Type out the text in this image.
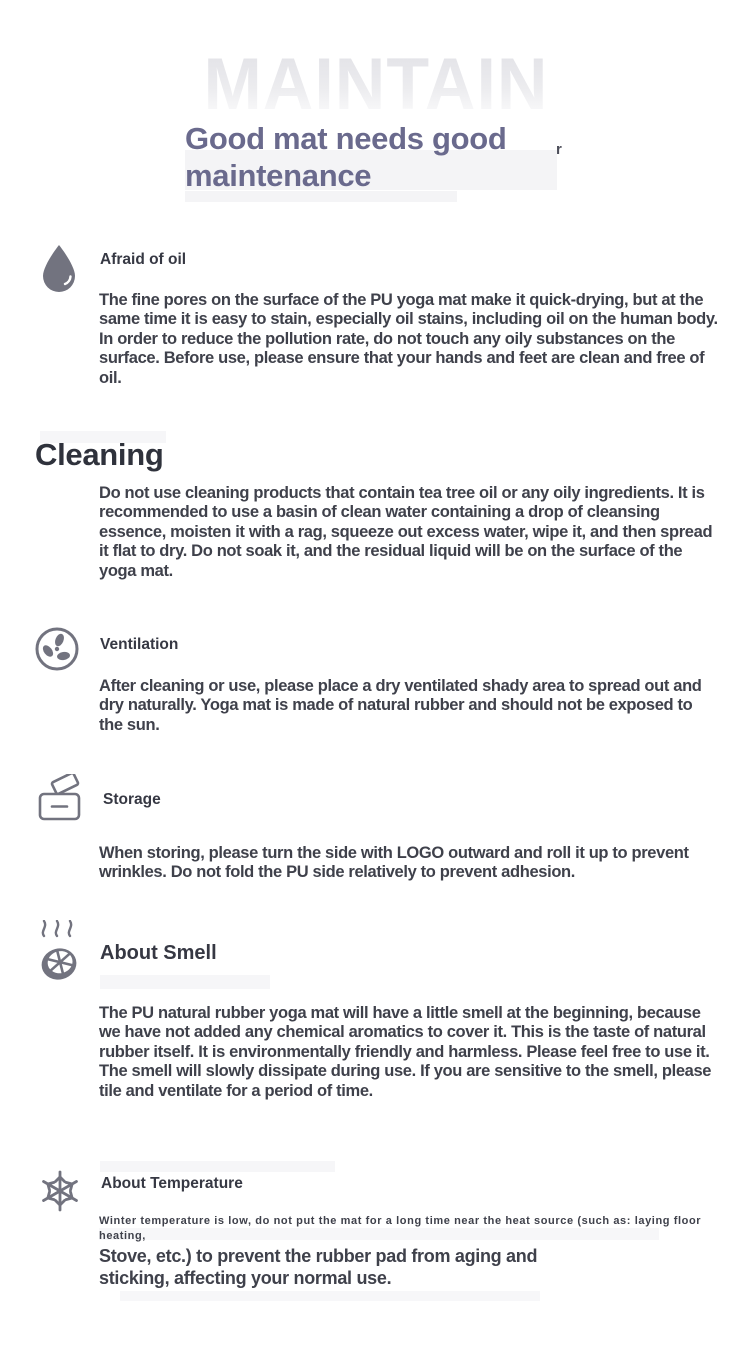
MAINTAIN
Good mat needs good maintenance
r
Afraid of oil
The fine pores on the surface of the PU yoga mat make it quick-drying, but at the same time it is easy to stain, especially oil stains, including oil on the human body. In order to reduce the pollution rate, do not touch any oily substances on the surface. Before use, please ensure that your hands and feet are clean and free of oil.
Cleaning
Do not use cleaning products that contain tea tree oil or any oily ingredients. It is recommended to use a basin of clean water containing a drop of cleansing essence, moisten it with a rag, squeeze out excess water, wipe it, and then spread it flat to dry. Do not soak it, and the residual liquid will be on the surface of the yoga mat.
Ventilation
After cleaning or use, please place a dry ventilated shady area to spread out and dry naturally. Yoga mat is made of natural rubber and should not be exposed to the sun.
Storage
When storing, please turn the side with LOGO outward and roll it up to prevent wrinkles. Do not fold the PU side relatively to prevent adhesion.
About Smell
The PU natural rubber yoga mat will have a little smell at the beginning, because we have not added any chemical aromatics to cover it. This is the taste of natural rubber itself. It is environmentally friendly and harmless. Please feel free to use it. The smell will slowly dissipate during use. If you are sensitive to the smell, please tile and ventilate for a period of time.
About Temperature
Winter temperature is low, do not put the mat for a long time near the heat source (such as: laying floor heating,
Stove, etc.) to prevent the rubber pad from aging and sticking, affecting your normal use.
